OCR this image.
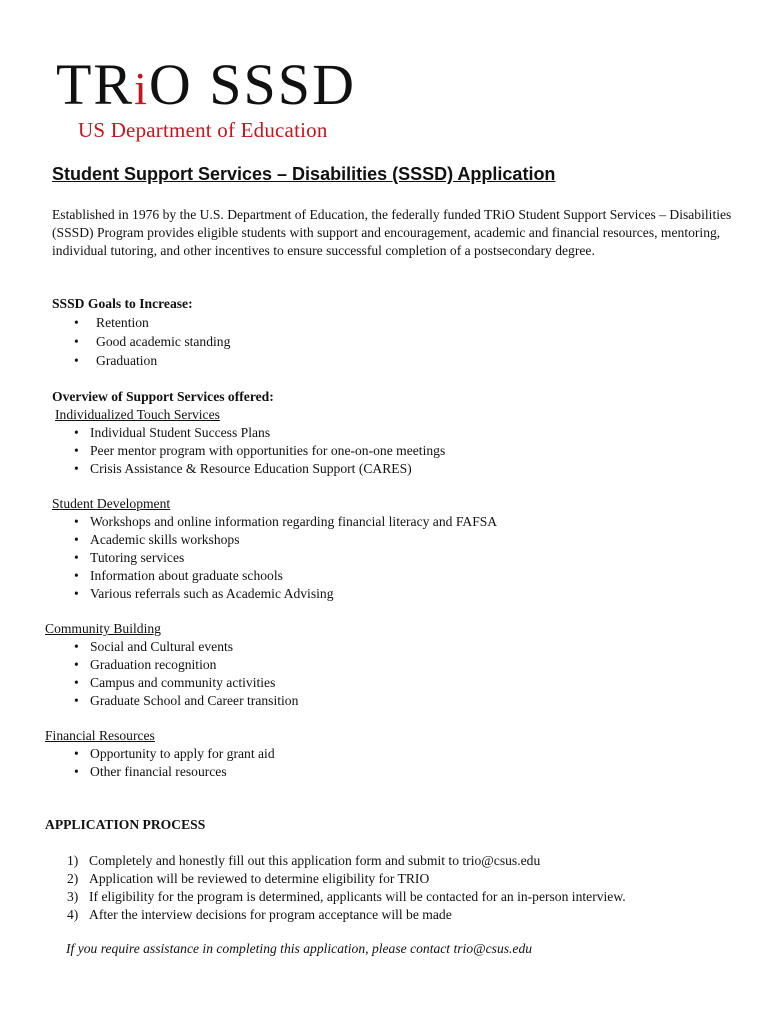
TRiO SSSD
US Department of Education
Student Support Services – Disabilities (SSSD) Application
Established in 1976 by the U.S. Department of Education, the federally funded TRiO Student Support Services – Disabilities (SSSD) Program provides eligible students with support and encouragement, academic and financial resources, mentoring, individual tutoring, and other incentives to ensure successful completion of a postsecondary degree.
SSSD Goals to Increase:
• Retention
• Good academic standing
• Graduation
Overview of Support Services offered:
Individualized Touch Services
• Individual Student Success Plans
• Peer mentor program with opportunities for one-on-one meetings
• Crisis Assistance & Resource Education Support (CARES)
Student Development
• Workshops and online information regarding financial literacy and FAFSA
• Academic skills workshops
• Tutoring services
• Information about graduate schools
• Various referrals such as Academic Advising
Community Building
• Social and Cultural events
• Graduation recognition
• Campus and community activities
• Graduate School and Career transition
Financial Resources
• Opportunity to apply for grant aid
• Other financial resources
APPLICATION PROCESS
1) Completely and honestly fill out this application form and submit to trio@csus.edu
2) Application will be reviewed to determine eligibility for TRIO
3) If eligibility for the program is determined, applicants will be contacted for an in-person interview.
4) After the interview decisions for program acceptance will be made
If you require assistance in completing this application, please contact trio@csus.edu
